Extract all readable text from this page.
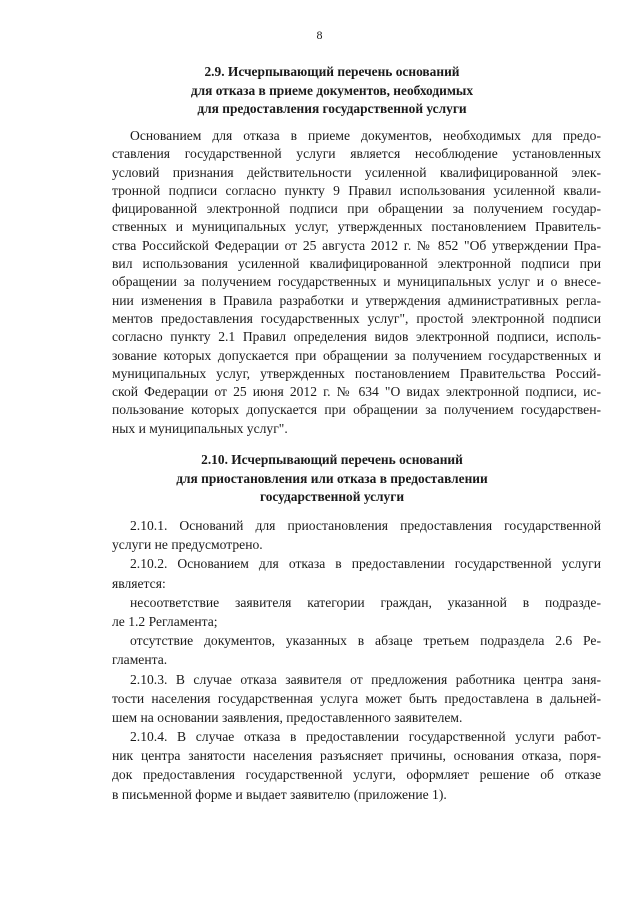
8
2.9. Исчерпывающий перечень оснований
для отказа в приеме документов, необходимых
для предоставления государственной услуги
Основанием для отказа в приеме документов, необходимых для предо-
ставления государственной услуги является несоблюдение установленных
условий признания действительности усиленной квалифицированной элек-
тронной подписи согласно пункту 9 Правил использования усиленной квали-
фицированной электронной подписи при обращении за получением государ-
ственных и муниципальных услуг, утвержденных постановлением Правитель-
ства Российской Федерации от 25 августа 2012 г. № 852 "Об утверждении Пра-
вил использования усиленной квалифицированной электронной подписи при
обращении за получением государственных и муниципальных услуг и о внесе-
нии изменения в Правила разработки и утверждения административных регла-
ментов предоставления государственных услуг", простой электронной подписи
согласно пункту 2.1 Правил определения видов электронной подписи, исполь-
зование которых допускается при обращении за получением государственных и
муниципальных услуг, утвержденных постановлением Правительства Россий-
ской Федерации от 25 июня 2012 г. № 634 "О видах электронной подписи, ис-
пользование которых допускается при обращении за получением государствен-
ных и муниципальных услуг".
2.10. Исчерпывающий перечень оснований
для приостановления или отказа в предоставлении
государственной услуги
2.10.1. Оснований для приостановления предоставления государственной
услуги не предусмотрено.
2.10.2. Основанием для отказа в предоставлении государственной услуги
является:
несоответствие заявителя категории граждан, указанной в подразде-
ле 1.2 Регламента;
отсутствие документов, указанных в абзаце третьем подраздела 2.6 Ре-
гламента.
2.10.3. В случае отказа заявителя от предложения работника центра заня-
тости населения государственная услуга может быть предоставлена в дальней-
шем на основании заявления, предоставленного заявителем.
2.10.4. В случае отказа в предоставлении государственной услуги работ-
ник центра занятости населения разъясняет причины, основания отказа, поря-
док предоставления государственной услуги, оформляет решение об отказе
в письменной форме и выдает заявителю (приложение 1).
